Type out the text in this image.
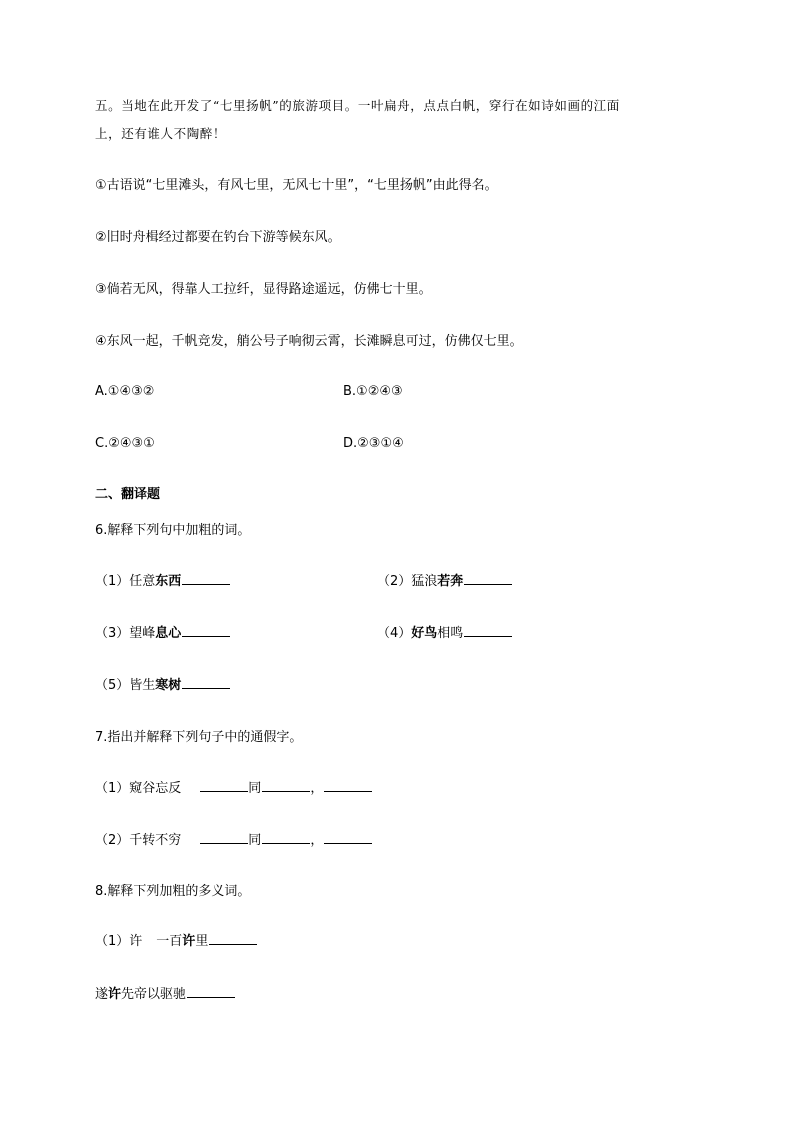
五。当地在此开发了“七里扬帆”的旅游项目。一叶扁舟，点点白帆，穿行在如诗如画的江面
上，还有谁人不陶醉！
①古语说“七里滩头，有风七里，无风七十里”，“七里扬帆”由此得名。
②旧时舟楫经过都要在钓台下游等候东风。
③倘若无风，得靠人工拉纤，显得路途遥远，仿佛七十里。
④东风一起，千帆竞发，艄公号子响彻云霄，长滩瞬息可过，仿佛仅七里。
A.①④③②	B.①②④③
C.②④③①	D.②③①④
二、翻译题
6.解释下列句中加粗的词。
（1）任意东西	（2）猛浪若奔
（3）望峰息心	（4）好鸟相鸣
（5）皆生寒树
7.指出并解释下列句子中的通假字。
（1）窥谷忘反	同	，
（2）千转不穷	同	，
8.解释下列加粗的多义词。
（1）许 一百许里
遂许先帝以驱驰
